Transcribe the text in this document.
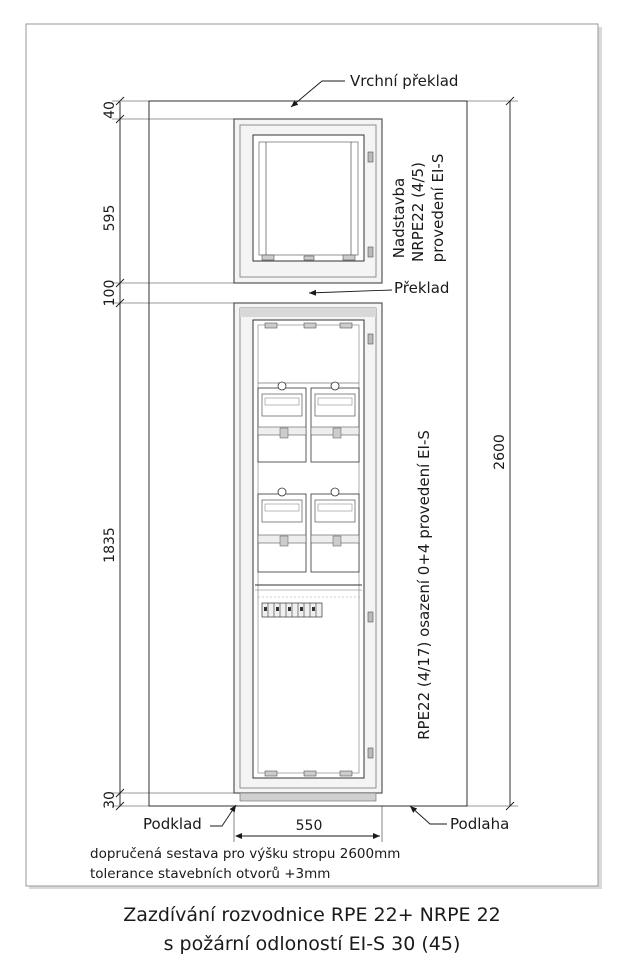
40
595
100
1835
30
2600
550
Vrchní překlad
Překlad
Podklad	Podlaha
Nadstavba NRPE22 (4/5) provedení EI-S
RPE22 (4/17) osazení 0+4 provedení EI-S
dopručená sestava pro výšku stropu 2600mm
tolerance stavebních otvorů +3mm
Zazdívání rozvodnice RPE 22+ NRPE 22
s požární odloností EI-S 30 (45)
